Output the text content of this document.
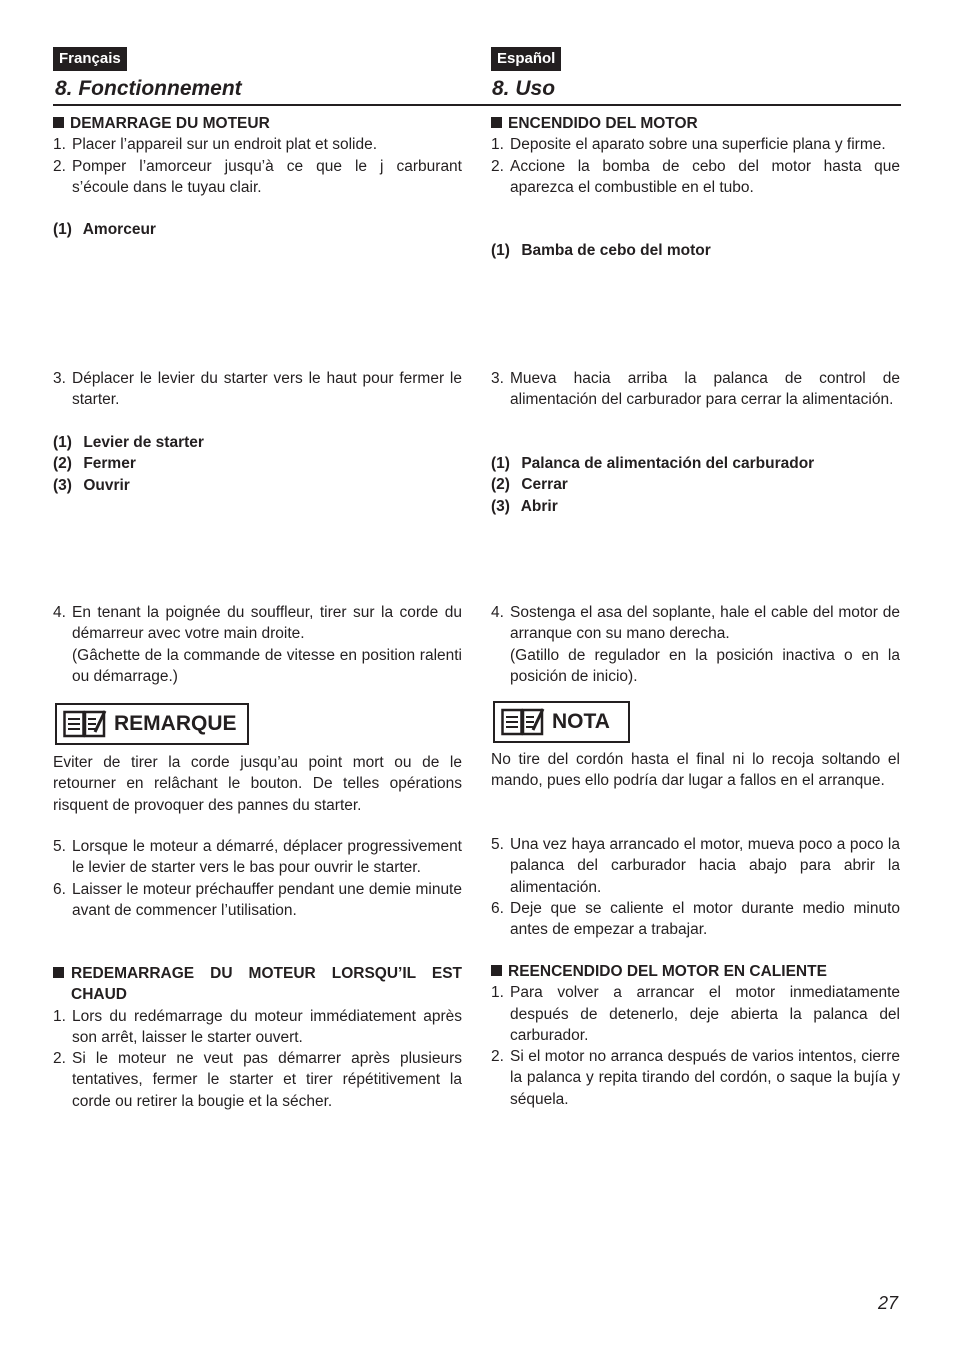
Français
8. Fonctionnement
Español
8. Uso
DEMARRAGE DU MOTEUR
1. Placer l’appareil sur un endroit plat et solide.
2. Pomper l’amorceur jusqu’à ce que le j carburant s’écoule dans le tuyau clair.
(1) Amorceur
3. Déplacer le levier du starter vers le haut pour fermer le starter.
(1) Levier de starter
(2) Fermer
(3) Ouvrir
4. En tenant la poignée du souffleur, tirer sur la corde du démarreur avec votre main droite.
(Gâchette de la commande de vitesse en position ralenti ou démarrage.)
REMARQUE
Eviter de tirer la corde jusqu’au point mort ou de le retourner en relâchant le bouton. De telles opérations risquent de provoquer des pannes du starter.
5. Lorsque le moteur a démarré, déplacer progressivement le levier de starter vers le bas pour ouvrir le starter.
6. Laisser le moteur préchauffer pendant une demie minute avant de commencer l’utilisation.
REDEMARRAGE DU MOTEUR LORSQU’IL EST CHAUD
1. Lors du redémarrage du moteur immédiatement après son arrêt, laisser le starter ouvert.
2. Si le moteur ne veut pas démarrer après plusieurs tentatives, fermer le starter et tirer répétitivement la corde ou retirer la bougie et la sécher.
ENCENDIDO DEL MOTOR
1. Deposite el aparato sobre una superficie plana y firme.
2. Accione la bomba de cebo del motor hasta que aparezca el combustible en el tubo.
(1) Bamba de cebo del motor
3. Mueva hacia arriba la palanca de control de alimentación del carburador para cerrar la alimentación.
(1) Palanca de alimentación del carburador
(2) Cerrar
(3) Abrir
4. Sostenga el asa del soplante, hale el cable del motor de arranque con su mano derecha.
(Gatillo de regulador en la posición inactiva o en la posición de inicio).
NOTA
No tire del cordón hasta el final ni lo recoja soltando el mando, pues ello podría dar lugar a fallos en el arranque.
5. Una vez haya arrancado el motor, mueva poco a poco la palanca del carburador hacia abajo para abrir la alimentación.
6. Deje que se caliente el motor durante medio minuto antes de empezar a trabajar.
REENCENDIDO DEL MOTOR EN CALIENTE
1. Para volver a arrancar el motor inmediatamente después de detenerlo, deje abierta la palanca del carburador.
2. Si el motor no arranca después de varios intentos, cierre la palanca y repita tirando del cordón, o saque la bujía y séquela.
27
